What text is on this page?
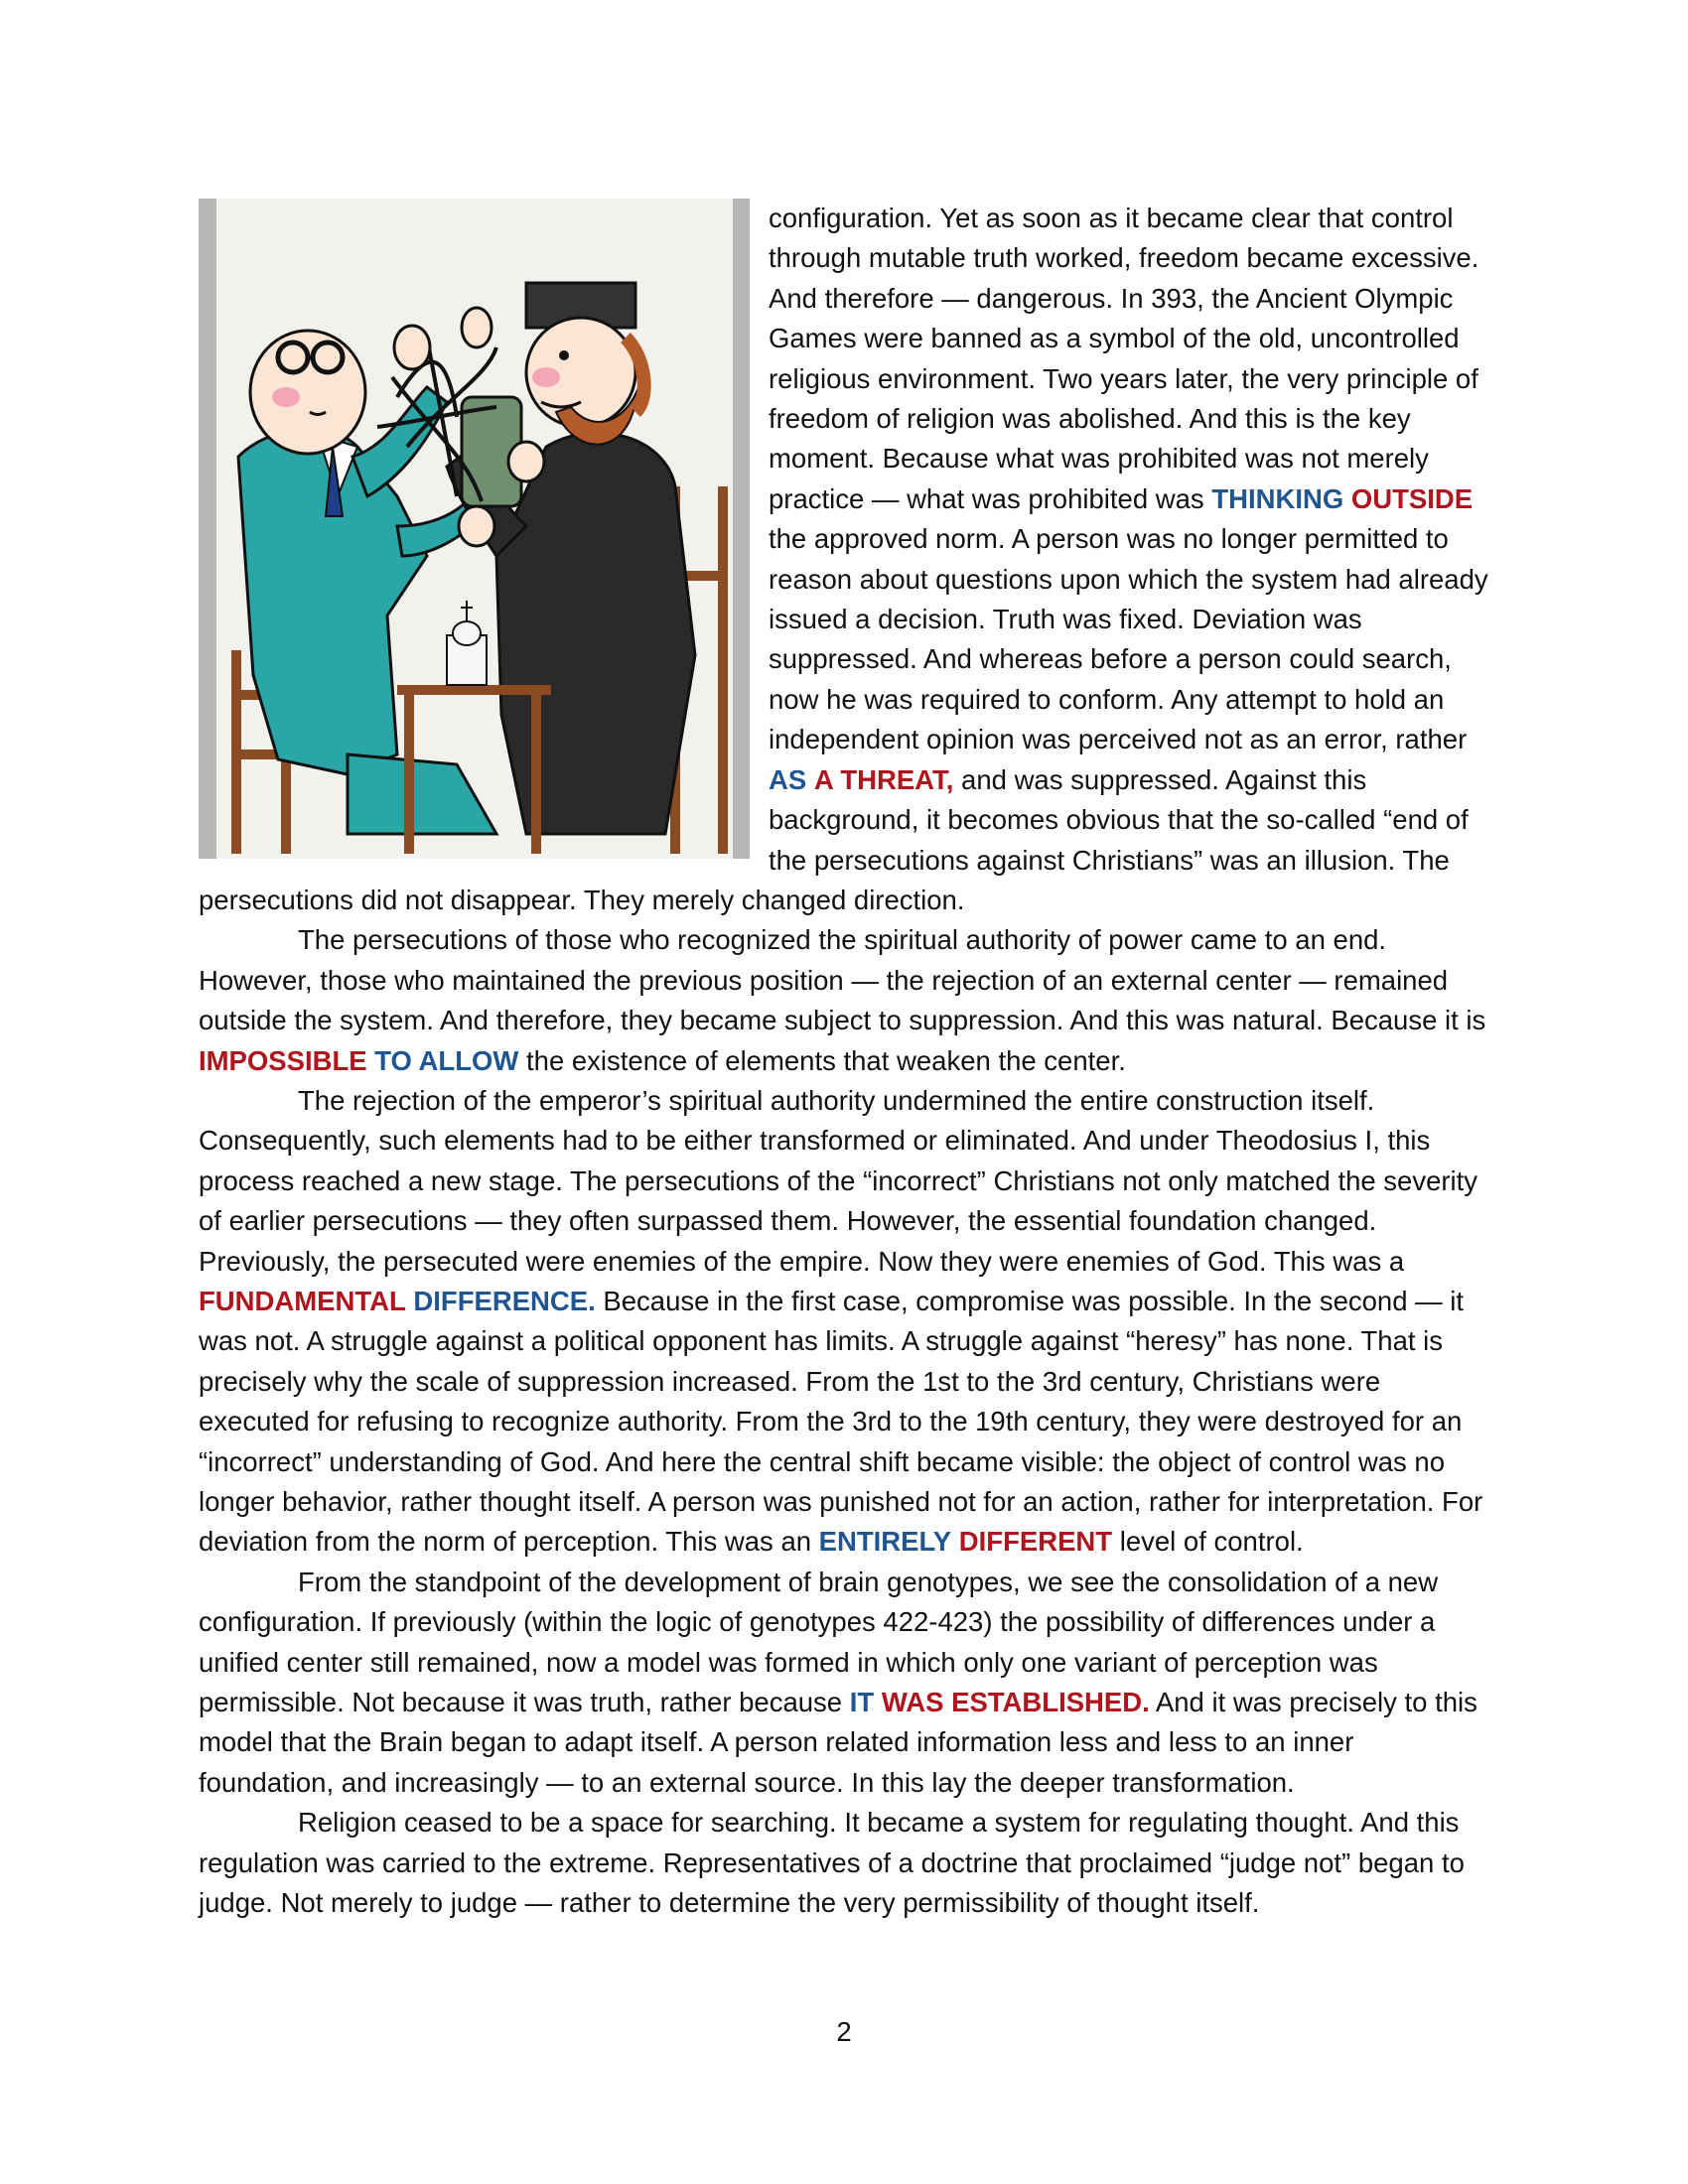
configuration. Yet as soon as it became clear that control through mutable truth worked, freedom became excessive. And therefore — dangerous. In 393, the Ancient Olympic Games were banned as a symbol of the old, uncontrolled religious environment. Two years later, the very principle of freedom of religion was abolished. And this is the key moment. Because what was prohibited was not merely practice — what was prohibited was THINKING OUTSIDE the approved norm. A person was no longer permitted to reason about questions upon which the system had already issued a decision. Truth was fixed. Deviation was suppressed. And whereas before a person could search, now he was required to conform. Any attempt to hold an independent opinion was perceived not as an error, rather AS A THREAT, and was suppressed. Against this background, it becomes obvious that the so-called “end of the persecutions against Christians” was an illusion. The persecutions did not disappear. They merely changed direction.

The persecutions of those who recognized the spiritual authority of power came to an end. However, those who maintained the previous position — the rejection of an external center — remained outside the system. And therefore, they became subject to suppression. And this was natural. Because it is IMPOSSIBLE TO ALLOW the existence of elements that weaken the center.

The rejection of the emperor’s spiritual authority undermined the entire construction itself. Consequently, such elements had to be either transformed or eliminated. And under Theodosius I, this process reached a new stage. The persecutions of the “incorrect” Christians not only matched the severity of earlier persecutions — they often surpassed them. However, the essential foundation changed. Previously, the persecuted were enemies of the empire. Now they were enemies of God. This was a FUNDAMENTAL DIFFERENCE. Because in the first case, compromise was possible. In the second — it was not. A struggle against a political opponent has limits. A struggle against “heresy” has none. That is precisely why the scale of suppression increased. From the 1st to the 3rd century, Christians were executed for refusing to recognize authority. From the 3rd to the 19th century, they were destroyed for an “incorrect” understanding of God. And here the central shift became visible: the object of control was no longer behavior, rather thought itself. A person was punished not for an action, rather for interpretation. For deviation from the norm of perception. This was an ENTIRELY DIFFERENT level of control.

From the standpoint of the development of brain genotypes, we see the consolidation of a new configuration. If previously (within the logic of genotypes 422-423) the possibility of differences under a unified center still remained, now a model was formed in which only one variant of perception was permissible. Not because it was truth, rather because IT WAS ESTABLISHED. And it was precisely to this model that the Brain began to adapt itself. A person related information less and less to an inner foundation, and increasingly — to an external source. In this lay the deeper transformation.

Religion ceased to be a space for searching. It became a system for regulating thought. And this regulation was carried to the extreme. Representatives of a doctrine that proclaimed “judge not” began to judge. Not merely to judge — rather to determine the very permissibility of thought itself.

2
